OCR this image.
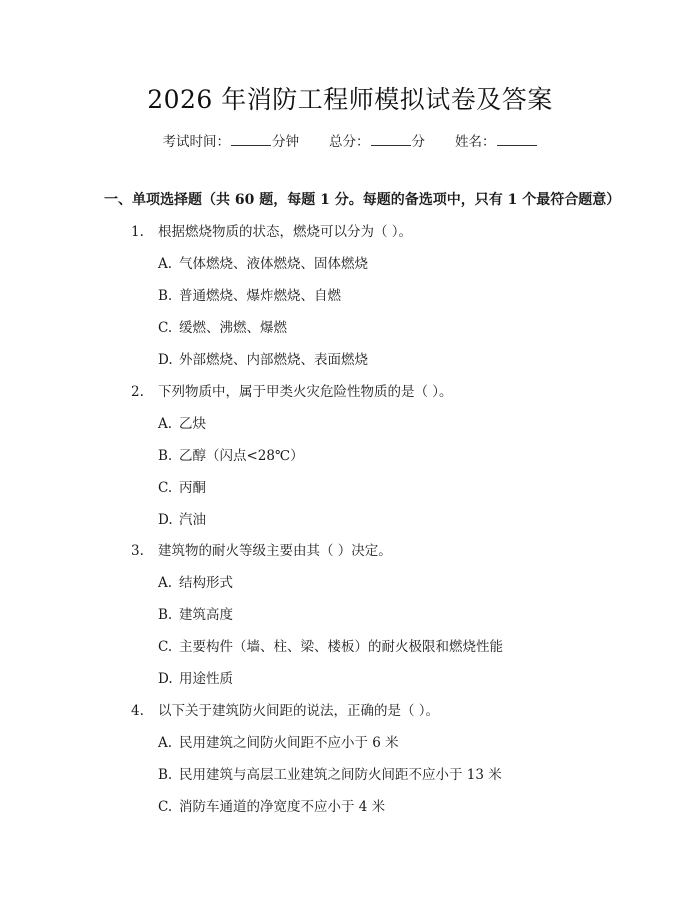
2026 年消防工程师模拟试卷及答案
考试时间：	分钟 总分：	分 姓名：
一、单项选择题（共 60 题，每题 1 分。每题的备选项中，只有 1 个最符合题意）
1. 根据燃烧物质的状态，燃烧可以分为（ ）。
A. 气体燃烧、液体燃烧、固体燃烧
B. 普通燃烧、爆炸燃烧、自燃
C. 缓燃、沸燃、爆燃
D. 外部燃烧、内部燃烧、表面燃烧
2. 下列物质中，属于甲类火灾危险性物质的是（ ）。
A. 乙炔
B. 乙醇（闪点<28℃）
C. 丙酮
D. 汽油
3. 建筑物的耐火等级主要由其（ ）决定。
A. 结构形式
B. 建筑高度
C. 主要构件（墙、柱、梁、楼板）的耐火极限和燃烧性能
D. 用途性质
4. 以下关于建筑防火间距的说法，正确的是（ ）。
A. 民用建筑之间防火间距不应小于 6 米
B. 民用建筑与高层工业建筑之间防火间距不应小于 13 米
C. 消防车通道的净宽度不应小于 4 米
